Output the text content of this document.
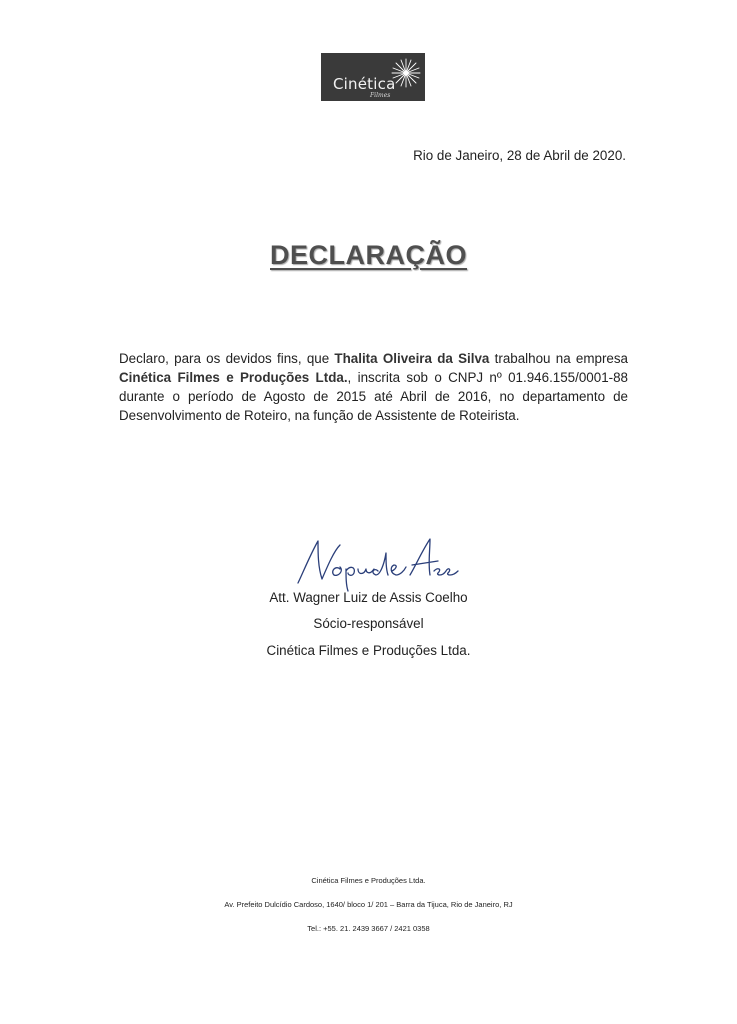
Cinética
Filmes
Rio de Janeiro, 28 de Abril de 2020.
DECLARAÇÃO
Declaro, para os devidos fins, que Thalita Oliveira da Silva trabalhou na empresa Cinética Filmes e Produções Ltda., inscrita sob o CNPJ nº 01.946.155/0001-88 durante o período de Agosto de 2015 até Abril de 2016, no departamento de Desenvolvimento de Roteiro, na função de Assistente de Roteirista.
Att. Wagner Luiz de Assis Coelho
Sócio-responsável
Cinética Filmes e Produções Ltda.
Cinética Filmes e Produções Ltda.
Av. Prefeito Dulcídio Cardoso, 1640/ bloco 1/ 201 – Barra da Tijuca, Rio de Janeiro, RJ
Tel.: +55. 21. 2439 3667 / 2421 0358
